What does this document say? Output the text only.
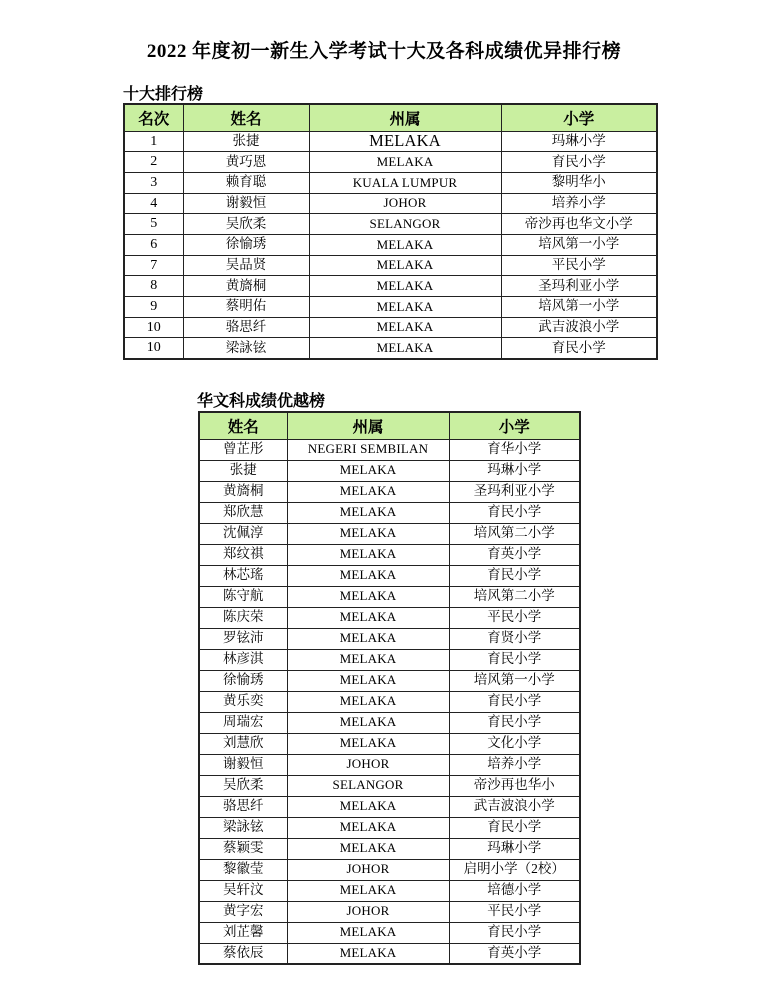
2022 年度初一新生入学考试十大及各科成绩优异排行榜
十大排行榜
名次	姓名	州属	小学
1	张捷	MELAKA	玛琳小学
2	黄巧恩	MELAKA	育民小学
3	赖育聪	KUALA LUMPUR	黎明华小
4	谢毅恒	JOHOR	培养小学
5	吴欣柔	SELANGOR	帝沙再也华文小学
6	徐愉琇	MELAKA	培风第一小学
7	吴品贤	MELAKA	平民小学
8	黄旖桐	MELAKA	圣玛利亚小学
9	蔡明佑	MELAKA	培风第一小学
10	骆思纤	MELAKA	武吉波浪小学
10	梁詠铉	MELAKA	育民小学
华文科成绩优越榜
姓名	州属	小学
曾芷彤	NEGERI SEMBILAN	育华小学
张捷	MELAKA	玛琳小学
黄旖桐	MELAKA	圣玛利亚小学
郑欣慧	MELAKA	育民小学
沈佩淳	MELAKA	培风第二小学
郑纹祺	MELAKA	育英小学
林芯瑤	MELAKA	育民小学
陈守航	MELAKA	培风第二小学
陈庆荣	MELAKA	平民小学
罗铉沛	MELAKA	育贤小学
林彦淇	MELAKA	育民小学
徐愉琇	MELAKA	培风第一小学
黄乐奕	MELAKA	育民小学
周瑞宏	MELAKA	育民小学
刘慧欣	MELAKA	文化小学
谢毅恒	JOHOR	培养小学
吴欣柔	SELANGOR	帝沙再也华小
骆思纤	MELAKA	武吉波浪小学
梁詠铉	MELAKA	育民小学
蔡颖雯	MELAKA	玛琳小学
黎徽莹	JOHOR	启明小学（2校）
吴轩汶	MELAKA	培德小学
黄字宏	JOHOR	平民小学
刘芷馨	MELAKA	育民小学
蔡依辰	MELAKA	育英小学
